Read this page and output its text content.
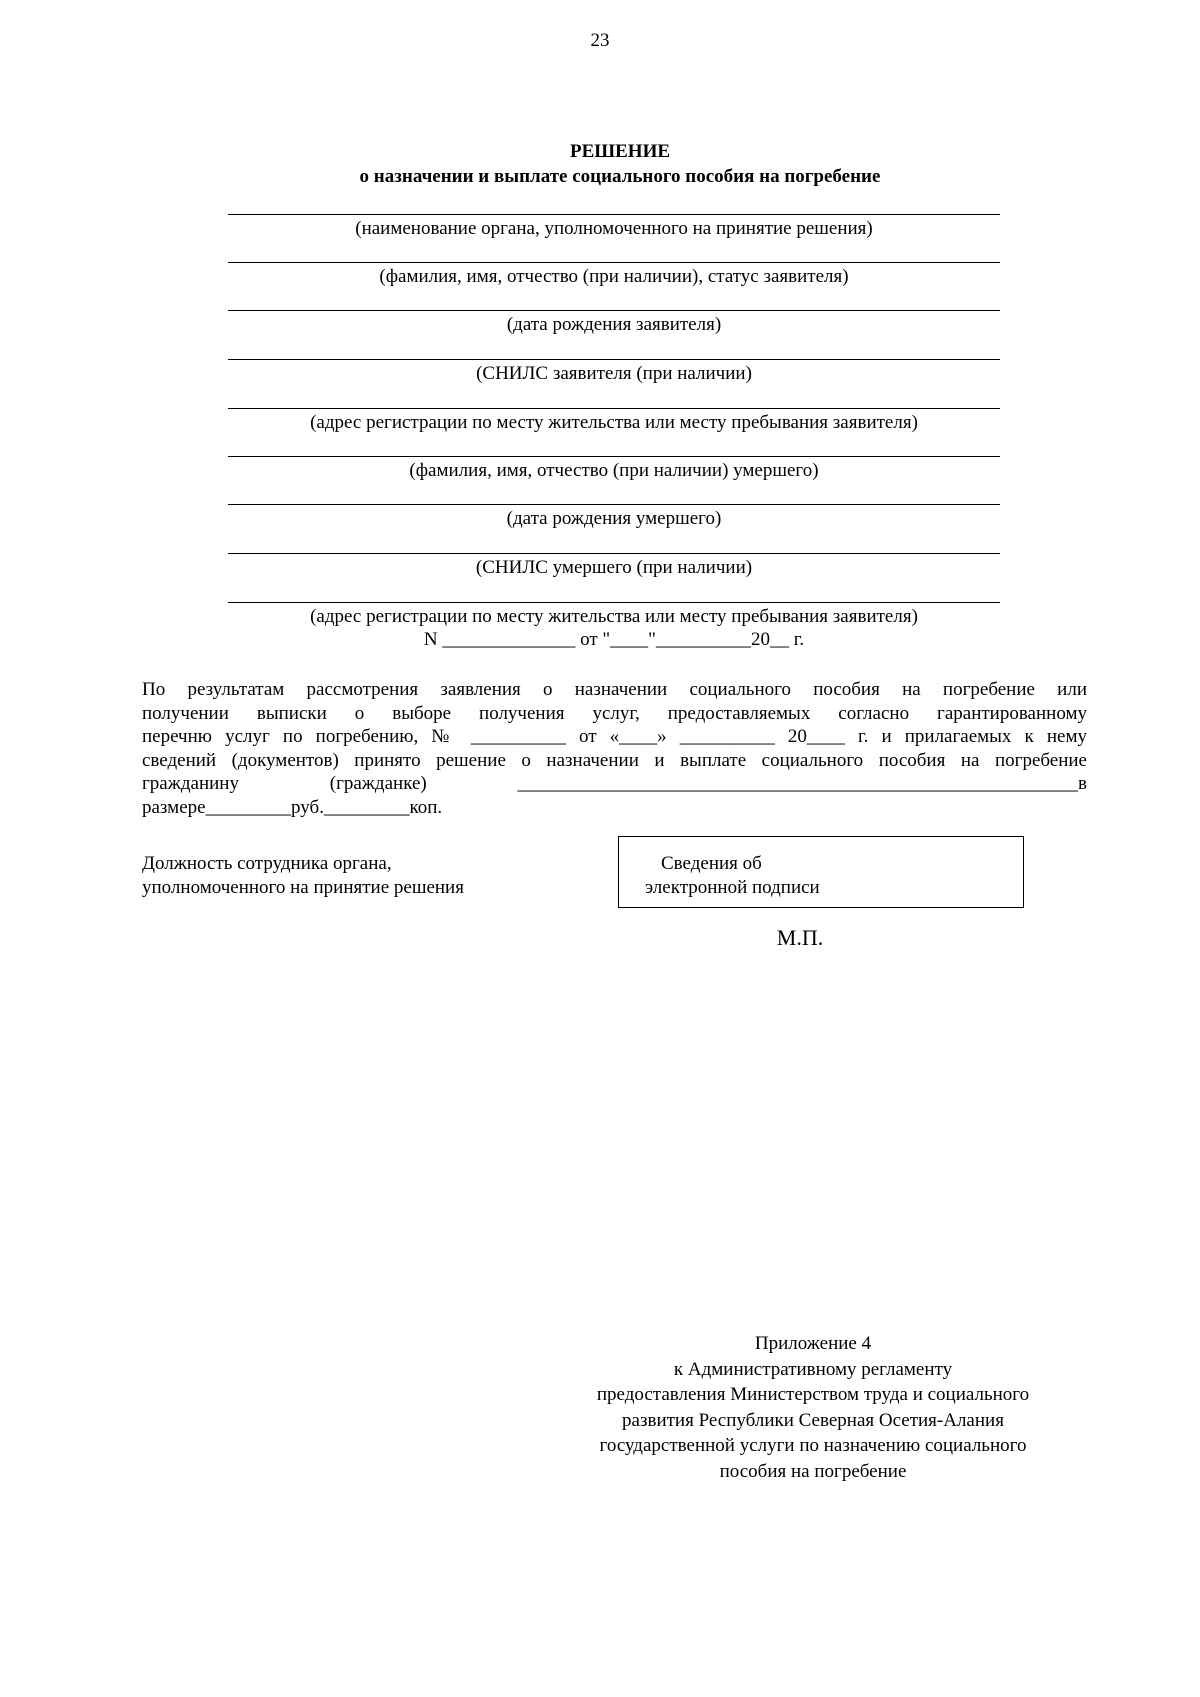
23
РЕШЕНИЕ
о назначении и выплате социального пособия на погребение
(наименование органа, уполномоченного на принятие решения)
(фамилия, имя, отчество (при наличии), статус заявителя)
(дата рождения заявителя)
(СНИЛС заявителя (при наличии)
(адрес регистрации по месту жительства или месту пребывания заявителя)
(фамилия, имя, отчество (при наличии) умершего)
(дата рождения умершего)
(СНИЛС умершего (при наличии)
(адрес регистрации по месту жительства или месту пребывания заявителя)
N ______________ от "____"__________20__ г.
По результатам рассмотрения заявления о назначении социального пособия на погребение или
получении выписки о выборе получения услуг, предоставляемых согласно гарантированному
перечню услуг по погребению, № __________ от «____» __________ 20____ г. и прилагаемых к нему
сведений (документов) принято решение о назначении и выплате социального пособия на погребение
гражданину (гражданке) ___________________________________________________________в
размере_________руб._________коп.
Должность сотрудника органа,
уполномоченного на принятие решения
Сведения об
электронной подписи
М.П.
Приложение 4
к Административному регламенту
предоставления Министерством труда и социального
развития Республики Северная Осетия-Алания
государственной услуги по назначению социального
пособия на погребение
